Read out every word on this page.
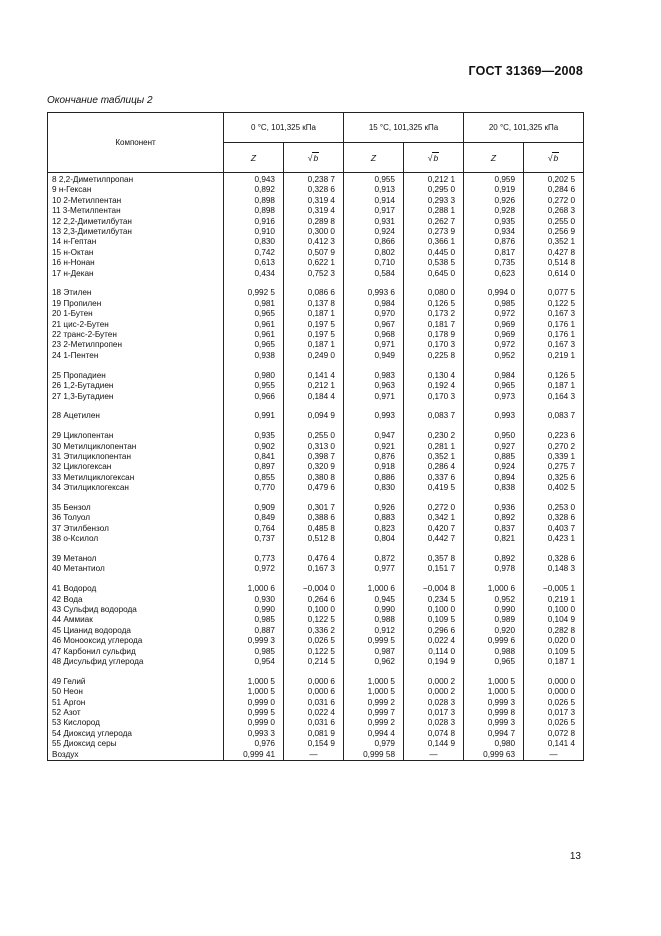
ГОСТ 31369—2008
Окончание таблицы 2
Компонент	0 °C, 101,325 кПа		15 °C, 101,325 кПа		20 °C, 101,325 кПа	
	Z	√b	Z	√b	Z	√b
8 2,2-Диметилпропан	0,943	0,238 7	0,955	0,212 1	0,959	0,202 5
9 н-Гексан	0,892	0,328 6	0,913	0,295 0	0,919	0,284 6
10 2-Метилпентан	0,898	0,319 4	0,914	0,293 3	0,926	0,272 0
11 3-Метилпентан	0,898	0,319 4	0,917	0,288 1	0,928	0,268 3
12 2,2-Диметилбутан	0,916	0,289 8	0,931	0,262 7	0,935	0,255 0
13 2,3-Диметилбутан	0,910	0,300 0	0,924	0,273 9	0,934	0,256 9
14 н-Гептан	0,830	0,412 3	0,866	0,366 1	0,876	0,352 1
15 н-Октан	0,742	0,507 9	0,802	0,445 0	0,817	0,427 8
16 н-Нонан	0,613	0,622 1	0,710	0,538 5	0,735	0,514 8
17 н-Декан	0,434	0,752 3	0,584	0,645 0	0,623	0,614 0

18 Этилен	0,992 5	0,086 6	0,993 6	0,080 0	0,994 0	0,077 5
19 Пропилен	0,981	0,137 8	0,984	0,126 5	0,985	0,122 5
20 1-Бутен	0,965	0,187 1	0,970	0,173 2	0,972	0,167 3
21 цис-2-Бутен	0,961	0,197 5	0,967	0,181 7	0,969	0,176 1
22 транс-2-Бутен	0,961	0,197 5	0,968	0,178 9	0,969	0,176 1
23 2-Метилпропен	0,965	0,187 1	0,971	0,170 3	0,972	0,167 3
24 1-Пентен	0,938	0,249 0	0,949	0,225 8	0,952	0,219 1

25 Пропадиен	0,980	0,141 4	0,983	0,130 4	0,984	0,126 5
26 1,2-Бутадиен	0,955	0,212 1	0,963	0,192 4	0,965	0,187 1
27 1,3-Бутадиен	0,966	0,184 4	0,971	0,170 3	0,973	0,164 3

28 Ацетилен	0,991	0,094 9	0,993	0,083 7	0,993	0,083 7

29 Циклопентан	0,935	0,255 0	0,947	0,230 2	0,950	0,223 6
30 Метилциклопентан	0,902	0,313 0	0,921	0,281 1	0,927	0,270 2
31 Этилциклопентан	0,841	0,398 7	0,876	0,352 1	0,885	0,339 1
32 Циклогексан	0,897	0,320 9	0,918	0,286 4	0,924	0,275 7
33 Метилциклогексан	0,855	0,380 8	0,886	0,337 6	0,894	0,325 6
34 Этилциклогексан	0,770	0,479 6	0,830	0,419 5	0,838	0,402 5

35 Бензол	0,909	0,301 7	0,926	0,272 0	0,936	0,253 0
36 Толуол	0,849	0,388 6	0,883	0,342 1	0,892	0,328 6
37 Этилбензол	0,764	0,485 8	0,823	0,420 7	0,837	0,403 7
38 о-Ксилол	0,737	0,512 8	0,804	0,442 7	0,821	0,423 1

39 Метанол	0,773	0,476 4	0,872	0,357 8	0,892	0,328 6
40 Метантиол	0,972	0,167 3	0,977	0,151 7	0,978	0,148 3

41 Водород	1,000 6	−0,004 0	1,000 6	−0,004 8	1,000 6	−0,005 1
42 Вода	0,930	0,264 6	0,945	0,234 5	0,952	0,219 1
43 Сульфид водорода	0,990	0,100 0	0,990	0,100 0	0,990	0,100 0
44 Аммиак	0,985	0,122 5	0,988	0,109 5	0,989	0,104 9
45 Цианид водорода	0,887	0,336 2	0,912	0,296 6	0,920	0,282 8
46 Монооксид углерода	0,999 3	0,026 5	0,999 5	0,022 4	0,999 6	0,020 0
47 Карбонил сульфид	0,985	0,122 5	0,987	0,114 0	0,988	0,109 5
48 Дисульфид углерода	0,954	0,214 5	0,962	0,194 9	0,965	0,187 1

49 Гелий	1,000 5	0,000 6	1,000 5	0,000 2	1,000 5	0,000 0
50 Неон	1,000 5	0,000 6	1,000 5	0,000 2	1,000 5	0,000 0
51 Аргон	0,999 0	0,031 6	0,999 2	0,028 3	0,999 3	0,026 5
52 Азот	0,999 5	0,022 4	0,999 7	0,017 3	0,999 8	0,017 3
53 Кислород	0,999 0	0,031 6	0,999 2	0,028 3	0,999 3	0,026 5
54 Диоксид углерода	0,993 3	0,081 9	0,994 4	0,074 8	0,994 7	0,072 8
55 Диоксид серы	0,976	0,154 9	0,979	0,144 9	0,980	0,141 4
Воздух	0,999 41	—	0,999 58	—	0,999 63	—
13
